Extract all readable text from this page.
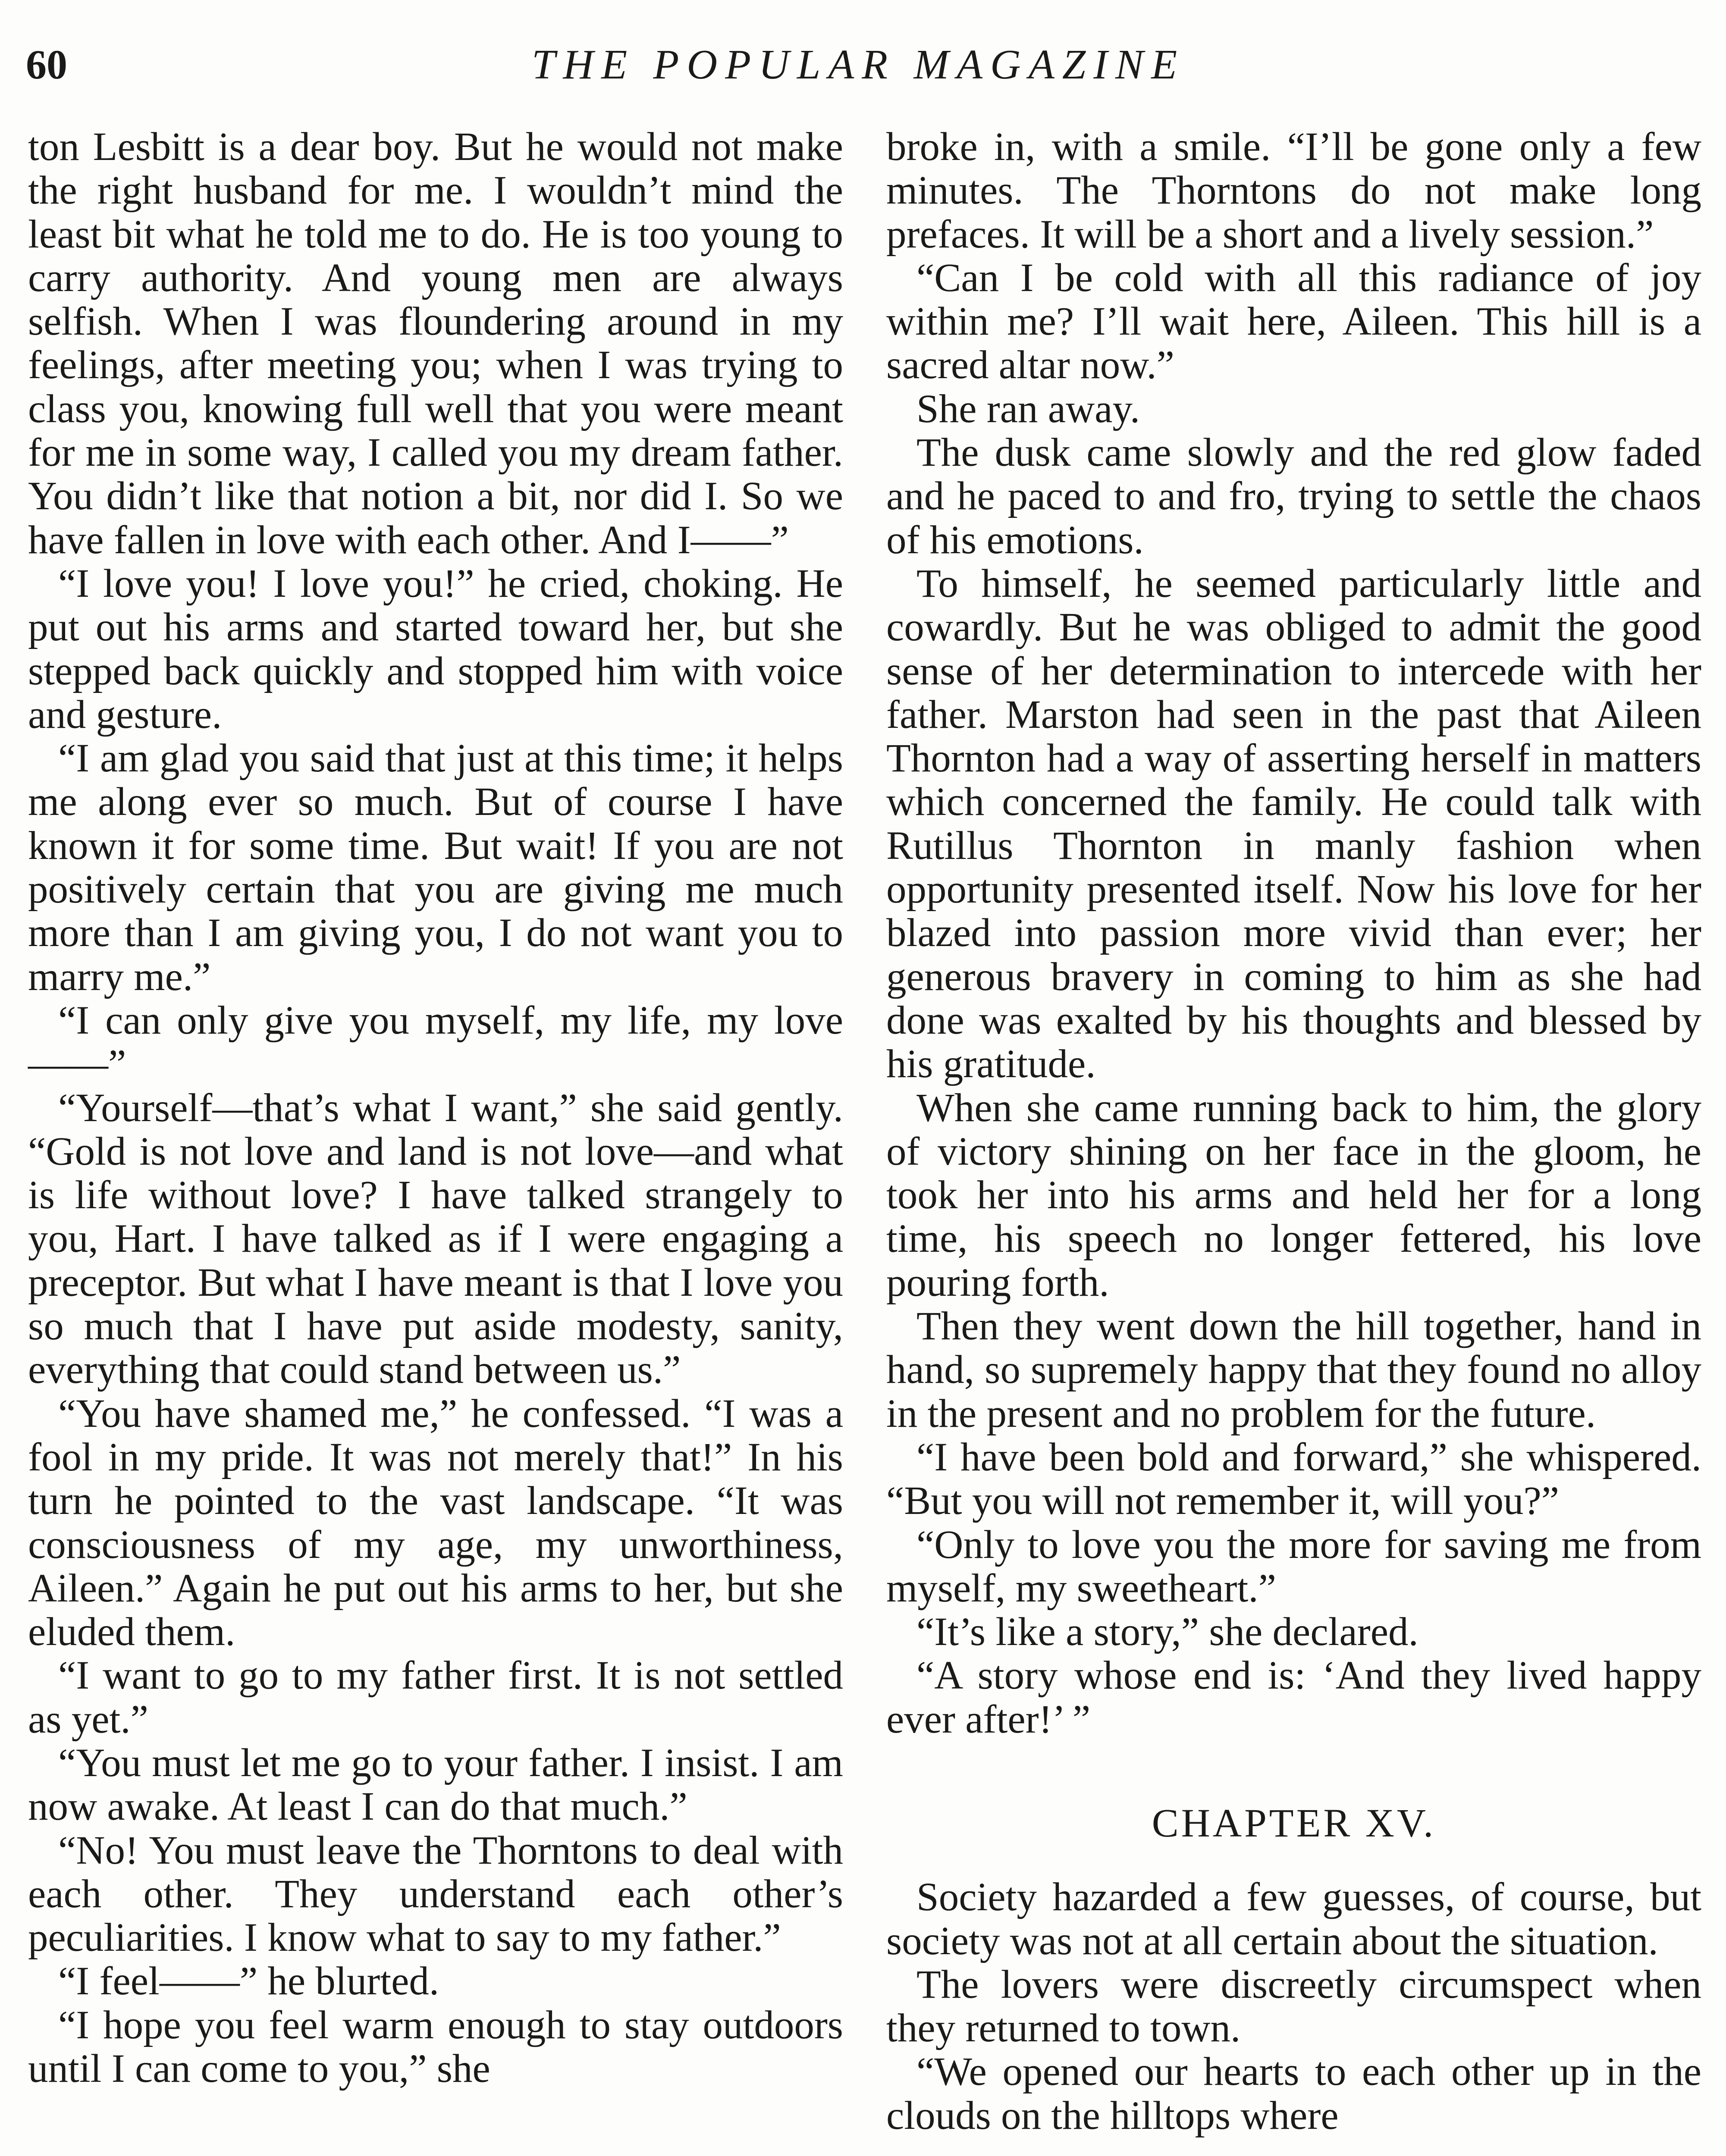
60	THE POPULAR MAGAZINE

ton Lesbitt is a dear boy. But he would not make the right husband for me. I wouldn’t mind the least bit what he told me to do. He is too young to carry authority. And young men are always selfish. When I was floundering around in my feelings, after meeting you; when I was trying to class you, knowing full well that you were meant for me in some way, I called you my dream father. You didn’t like that notion a bit, nor did I. So we have fallen in love with each other. And I——”

“I love you! I love you!” he cried, choking. He put out his arms and started toward her, but she stepped back quickly and stopped him with voice and gesture.

“I am glad you said that just at this time; it helps me along ever so much. But of course I have known it for some time. But wait! If you are not positively certain that you are giving me much more than I am giving you, I do not want you to marry me.”

“I can only give you myself, my life, my love——”

“Yourself—that’s what I want,” she said gently. “Gold is not love and land is not love—and what is life without love? I have talked strangely to you, Hart. I have talked as if I were engaging a preceptor. But what I have meant is that I love you so much that I have put aside modesty, sanity, everything that could stand between us.”

“You have shamed me,” he confessed. “I was a fool in my pride. It was not merely that!” In his turn he pointed to the vast landscape. “It was consciousness of my age, my unworthiness, Aileen.” Again he put out his arms to her, but she eluded them.

“I want to go to my father first. It is not settled as yet.”

“You must let me go to your father. I insist. I am now awake. At least I can do that much.”

“No! You must leave the Thorntons to deal with each other. They understand each other’s peculiarities. I know what to say to my father.”

“I feel——” he blurted.

“I hope you feel warm enough to stay outdoors until I can come to you,” she

broke in, with a smile. “I’ll be gone only a few minutes. The Thorntons do not make long prefaces. It will be a short and a lively session.”

“Can I be cold with all this radiance of joy within me? I’ll wait here, Aileen. This hill is a sacred altar now.”

She ran away.

The dusk came slowly and the red glow faded and he paced to and fro, trying to settle the chaos of his emotions.

To himself, he seemed particularly little and cowardly. But he was obliged to admit the good sense of her determination to intercede with her father. Marston had seen in the past that Aileen Thornton had a way of asserting herself in matters which concerned the family. He could talk with Rutillus Thornton in manly fashion when opportunity presented itself. Now his love for her blazed into passion more vivid than ever; her generous bravery in coming to him as she had done was exalted by his thoughts and blessed by his gratitude.

When she came running back to him, the glory of victory shining on her face in the gloom, he took her into his arms and held her for a long time, his speech no longer fettered, his love pouring forth.

Then they went down the hill together, hand in hand, so supremely happy that they found no alloy in the present and no problem for the future.

“I have been bold and forward,” she whispered. “But you will not remember it, will you?”

“Only to love you the more for saving me from myself, my sweetheart.”

“It’s like a story,” she declared.

“A story whose end is: ‘And they lived happy ever after!’ ”

CHAPTER XV.

Society hazarded a few guesses, of course, but society was not at all certain about the situation.

The lovers were discreetly circumspect when they returned to town.

“We opened our hearts to each other up in the clouds on the hilltops where
